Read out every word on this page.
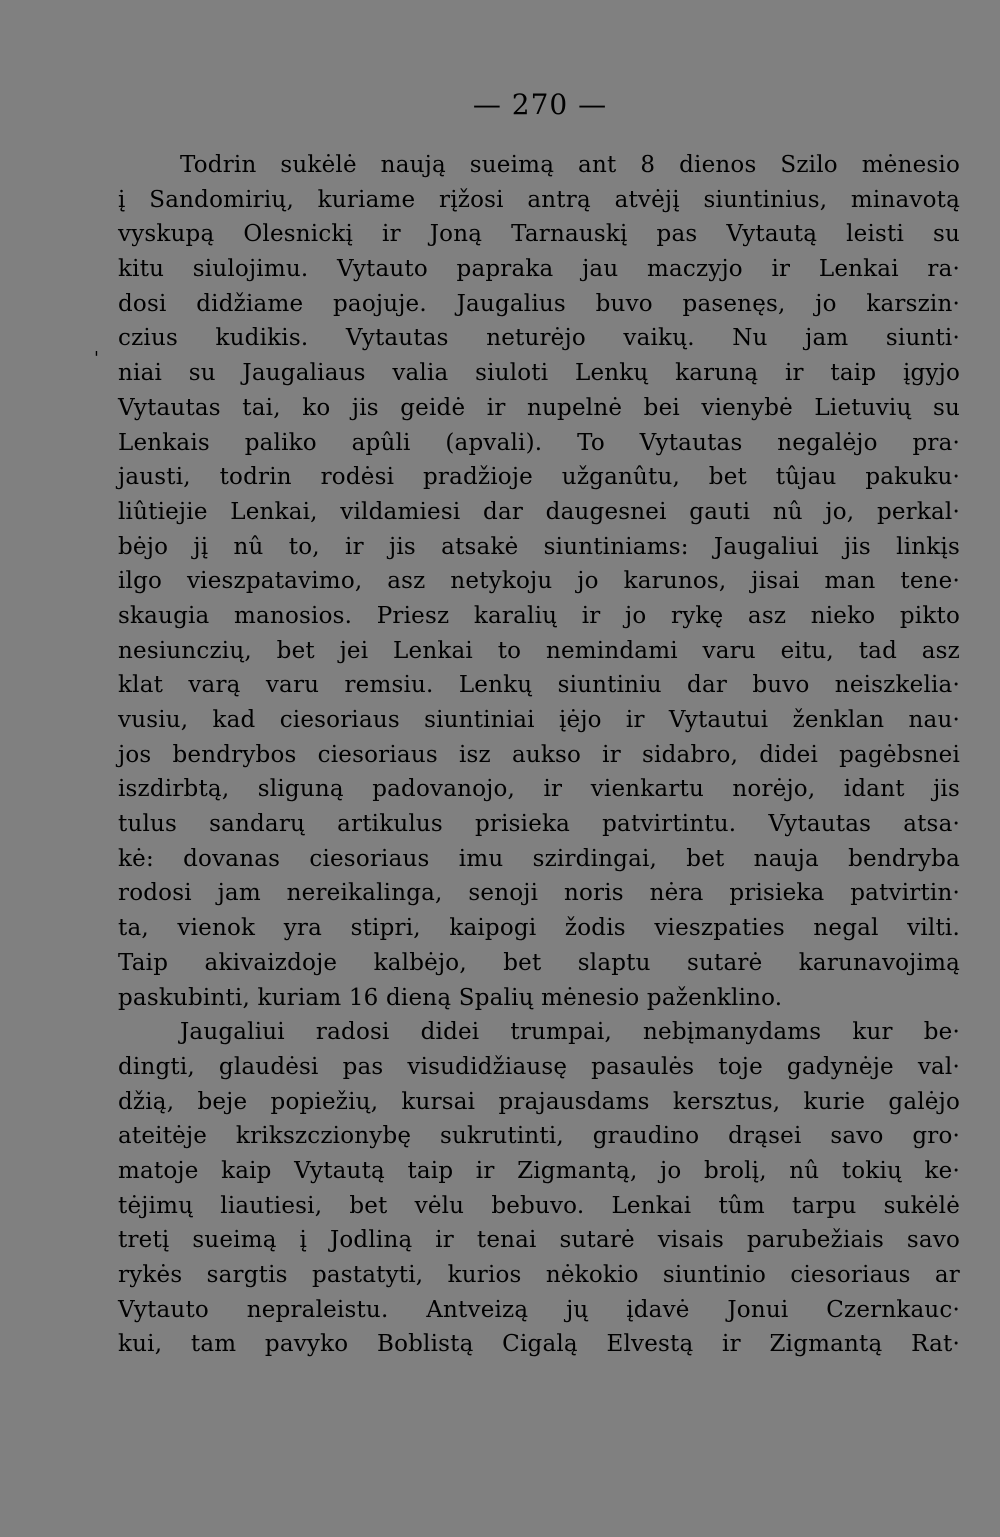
— 270 —
'
Todrin sukėlė naują sueimą ant 8 dienos Szilo mėnesio
į Sandomirių, kuriame rįžosi antrą atvėjį siuntinius, minavotą
vyskupą Olesnickį ir Joną Tarnauskį pas Vytautą leisti su
kitu siulojimu. Vytauto papraka jau maczyjo ir Lenkai ra·
dosi didžiame paojuje. Jaugalius buvo pasenęs, jo karszin·
czius kudikis. Vytautas neturėjo vaikų. Nu jam siunti·
niai su Jaugaliaus valia siuloti Lenkų karuną ir taip įgyjo
Vytautas tai, ko jis geidė ir nupelnė bei vienybė Lietuvių su
Lenkais paliko apûli (apvali). To Vytautas negalėjo pra·
jausti, todrin rodėsi pradžioje užganûtu, bet tûjau pakuku·
liûtiejie Lenkai, vildamiesi dar daugesnei gauti nû jo, perkal·
bėjo jį nû to, ir jis atsakė siuntiniams: Jaugaliui jis linkįs
ilgo vieszpatavimo, asz netykoju jo karunos, jisai man tene·
skaugia manosios. Priesz karalių ir jo rykę asz nieko pikto
nesiunczių, bet jei Lenkai to nemindami varu eitu, tad asz
klat varą varu remsiu. Lenkų siuntiniu dar buvo neiszkelia·
vusiu, kad ciesoriaus siuntiniai įėjo ir Vytautui ženklan nau·
jos bendrybos ciesoriaus isz aukso ir sidabro, didei pagėbsnei
iszdirbtą, sliguną padovanojo, ir vienkartu norėjo, idant jis
tulus sandarų artikulus prisieka patvirtintu. Vytautas atsa·
kė: dovanas ciesoriaus imu szirdingai, bet nauja bendryba
rodosi jam nereikalinga, senoji noris nėra prisieka patvirtin·
ta, vienok yra stipri, kaipogi žodis vieszpaties negal vilti.
Taip akivaizdoje kalbėjo, bet slaptu sutarė karunavojimą
paskubinti, kuriam 16 dieną Spalių mėnesio paženklino.
Jaugaliui radosi didei trumpai, nebįmanydams kur be·
dingti, glaudėsi pas visudidžiausę pasaulės toje gadynėje val·
džią, beje popiežių, kursai prajausdams kersztus, kurie galėjo
ateitėje krikszczionybę sukrutinti, graudino drąsei savo gro·
matoje kaip Vytautą taip ir Zigmantą, jo brolį, nû tokių ke·
tėjimų liautiesi, bet vėlu bebuvo. Lenkai tûm tarpu sukėlė
tretį sueimą į Jodliną ir tenai sutarė visais parubežiais savo
rykės sargtis pastatyti, kurios nėkokio siuntinio ciesoriaus ar
Vytauto nepraleistu. Antveizą jų įdavė Jonui Czernkauc·
kui, tam pavyko Boblistą Cigalą Elvestą ir Zigmantą Rat·
